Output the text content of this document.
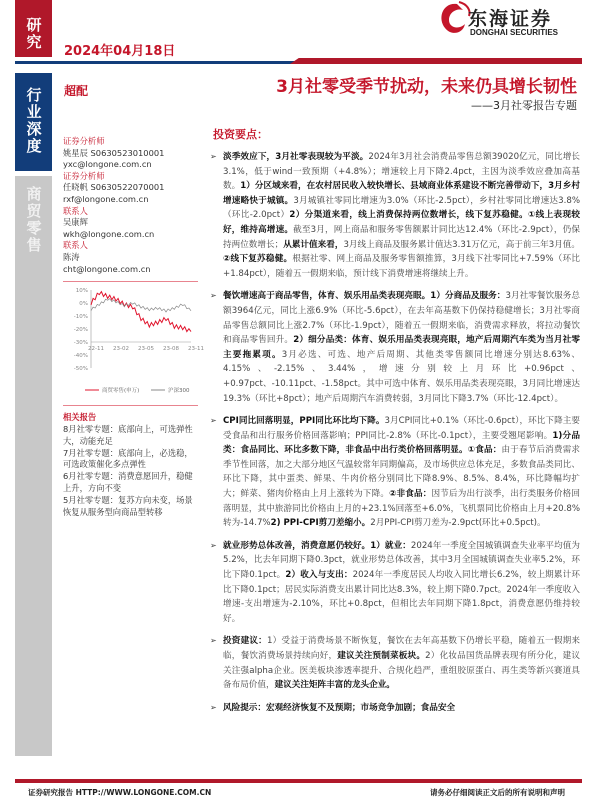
研究
行业深度
商贸零售
2024年04月18日
东海证券
DONGHAI SECURITIES
超配	3月社零受季节扰动，未来仍具增长韧性
——3月社零报告专题
证券分析师
姚星辰 S0630523010001
yxc@longone.com.cn
证券分析师
任晓帆 S0630522070001
rxf@longone.com.cn
联系人
吴康辉
wkh@longone.com.cn
联系人
陈涛
cht@longone.com.cn
10%
0%
-10%
-20%
-30%
-40%
-50%
22-11 23-02 23-05 23-08 23-11
商贸零售(申万)	沪深300
相关报告
8月社零专题：底部向上，可选弹性大，动能充足
7月社零专题：底部向上，必选稳，可选政策催化多点弹性
6月社零专题：消费意愿回升，稳健上升，方向不变
5月社零专题：复苏方向未变，场景恢复从服务型向商品型转移
投资要点：
➢ 淡季效应下，3月社零表现较为平淡。2024年3月社会消费品零售总额39020亿元，同比增长3.1%，低于wind一致预期（+4.8%）；增速较上月下降2.4pct，主因为淡季效应叠加高基数。1）分区域来看，在农村居民收入较快增长、县域商业体系建设不断完善带动下，3月乡村增速略快于城镇。3月城镇社零同比增速为3.0%（环比-2.5pct），乡村社零同比增速达3.8%（环比-2.0pct）2）分渠道来看，线上消费保持两位数增长，线下复苏稳健。①线上表现较好，维持高增速。截至3月，网上商品和服务零售额累计同比达12.4%（环比-2.9pct），仍保持两位数增长；从累计值来看，3月线上商品及服务累计值达3.31万亿元，高于前三年3月值。②线下复苏稳健。根据社零、网上商品及服务零售额推算，3月线下社零同比+7.59%（环比+1.84pct），随着五一假期来临，预计线下消费增速将继续上升。
➢ 餐饮增速高于商品零售，体育、娱乐用品类表现亮眼。1）分商品及服务：3月社零餐饮服务总额3964亿元，同比上涨6.9%（环比-5.6pct），在去年高基数下仍保持稳健增长；3月社零商品零售总额同比上涨2.7%（环比-1.9pct），随着五一假期来临，消费需求释放，将拉动餐饮和商品零售回升。2）细分品类：体育、娱乐用品类表现亮眼，地产后周期汽车类为当月社零主要拖累项。3月必选、可选、地产后周期、其他类零售额同比增速分别达8.63%、4.15%、-2.15%、3.44%，增速分别较上月环比+0.96pct、+0.97pct、-10.11pct、-1.58pct。其中可选中体育、娱乐用品类表现亮眼，3月同比增速达19.3%（环比+8pct）；地产后周期汽车消费转弱，3月同比下降3.7%（环比-12.4pct）。
➢ CPI同比回落明显，PPI同比环比均下降。3月CPI同比+0.1%（环比-0.6pct），环比下降主要受食品和出行服务价格回落影响；PPI同比-2.8%（环比-0.1pct），主要受翘尾影响。1)分品类：食品同比、环比多数下降，非食品中出行类价格回落明显。①食品：由于春节后消费需求季节性回落，加之大部分地区气温较常年同期偏高，及市场供应总体充足，多数食品类同比、环比下降，其中蛋类、鲜果、牛肉价格分别同比下降8.9%、8.5%、8.4%，环比降幅均扩大；鲜菜、猪肉价格由上月上涨转为下降。②非食品：因节后为出行淡季，出行类服务价格回落明显，其中旅游同比价格由上月的+23.1%回落至+6.0%，飞机票同比价格由上月+20.8%转为-14.7%2) PPI-CPI剪刀差缩小。2月PPI-CPI剪刀差为-2.9pct(环比+0.5pct)。
➢ 就业形势总体改善，消费意愿仍较好。1）就业：2024年一季度全国城镇调查失业率平均值为5.2%，比去年同期下降0.3pct，就业形势总体改善，其中3月全国城镇调查失业率5.2%，环比下降0.1pct。2）收入与支出：2024年一季度居民人均收入同比增长6.2%，较上期累计环比下降0.1pct；居民实际消费支出累计同比达8.3%，较上期下降0.7pct。2024年一季度收入增速-支出增速为-2.10%，环比+0.8pct，但相比去年同期下降1.8pct，消费意愿仍维持较好。
➢ 投资建议：1）受益于消费场景不断恢复，餐饮在去年高基数下仍增长平稳，随着五一假期来临，餐饮消费场景持续向好，建议关注预制菜板块。2）化妆品国货品牌表现有所分化，建议关注强alpha企业。医美板块渗透率提升、合规化趋严，重组胶原蛋白、再生类等新兴赛道具备布局价值，建议关注矩阵丰富的龙头企业。
➢ 风险提示：宏观经济恢复不及预期；市场竞争加剧；食品安全
证券研究报告 HTTP://WWW.LONGONE.COM.CN	请务必仔细阅读正文后的所有说明和声明
